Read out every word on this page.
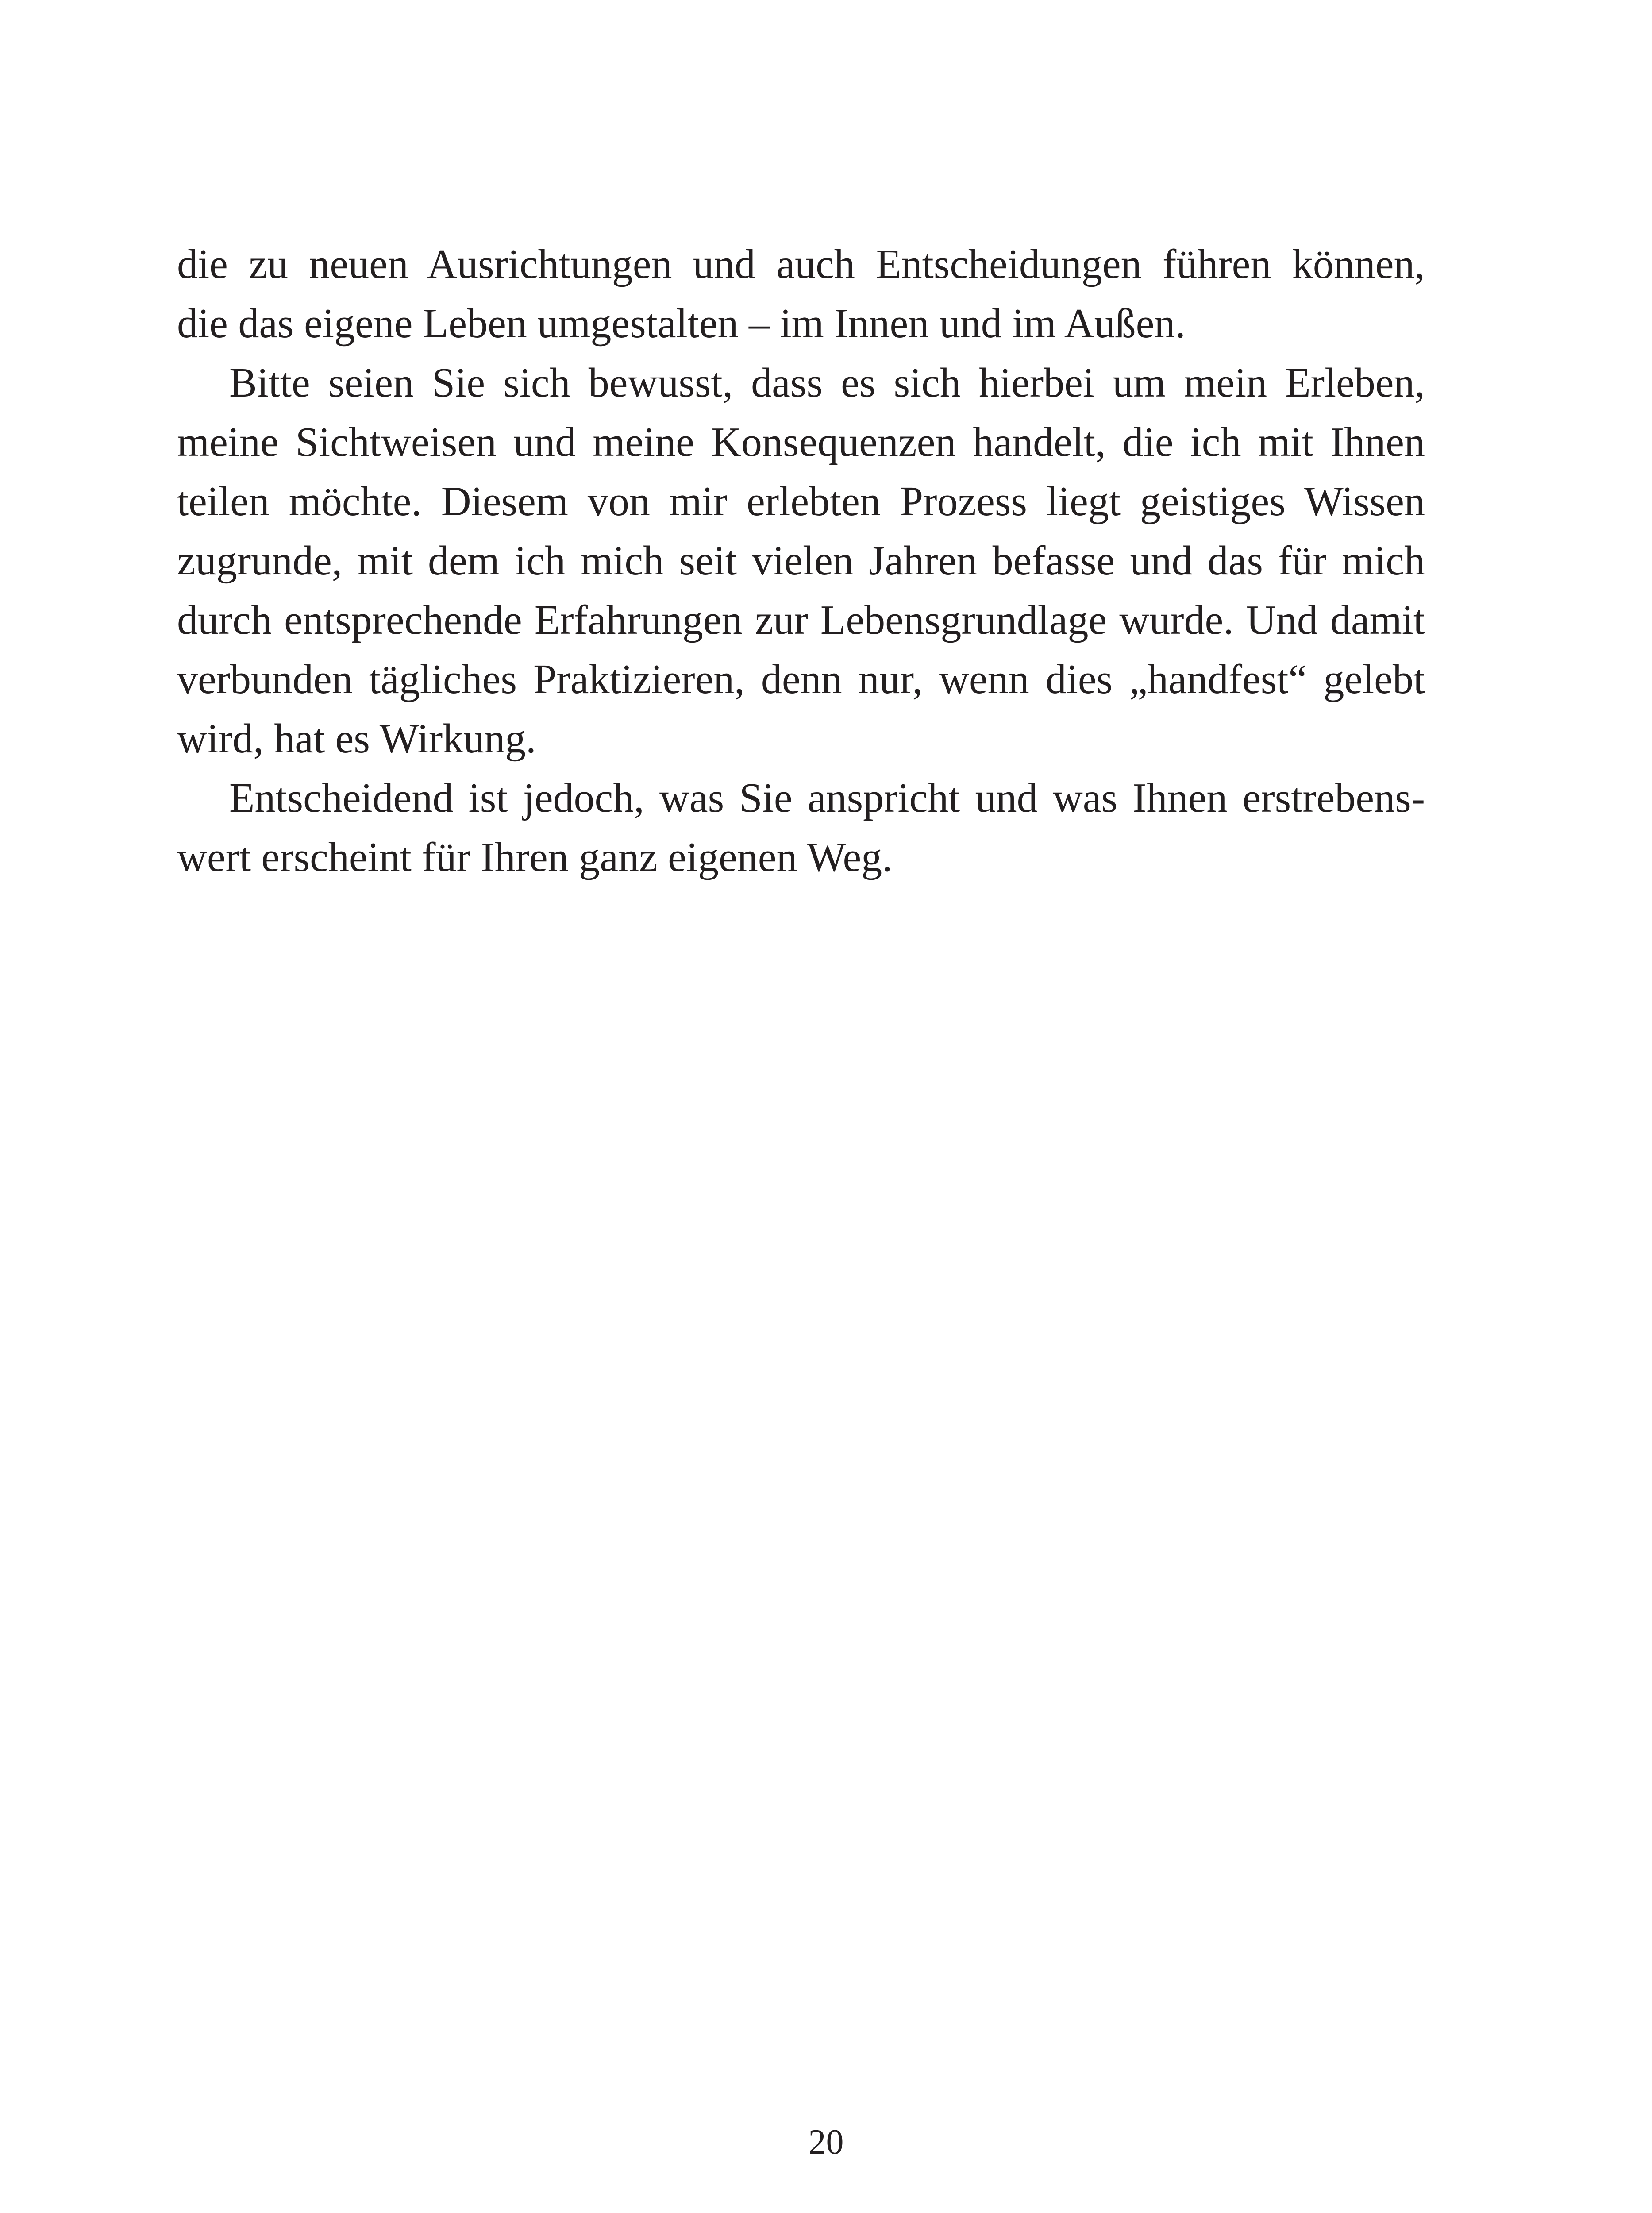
die zu neuen Ausrichtungen und auch Entscheidungen führen können,
die das eigene Leben umgestalten – im Innen und im Außen.
Bitte seien Sie sich bewusst, dass es sich hierbei um mein Erleben,
meine Sichtweisen und meine Konsequenzen handelt, die ich mit Ihnen
teilen möchte. Diesem von mir erlebten Prozess liegt geistiges Wissen
zugrunde, mit dem ich mich seit vielen Jahren befasse und das für mich
durch entsprechende Erfahrungen zur Lebensgrundlage wurde. Und damit
verbunden tägliches Praktizieren, denn nur, wenn dies „handfest“ gelebt
wird, hat es Wirkung.
Entscheidend ist jedoch, was Sie anspricht und was Ihnen erstrebens-
wert erscheint für Ihren ganz eigenen Weg.
20
